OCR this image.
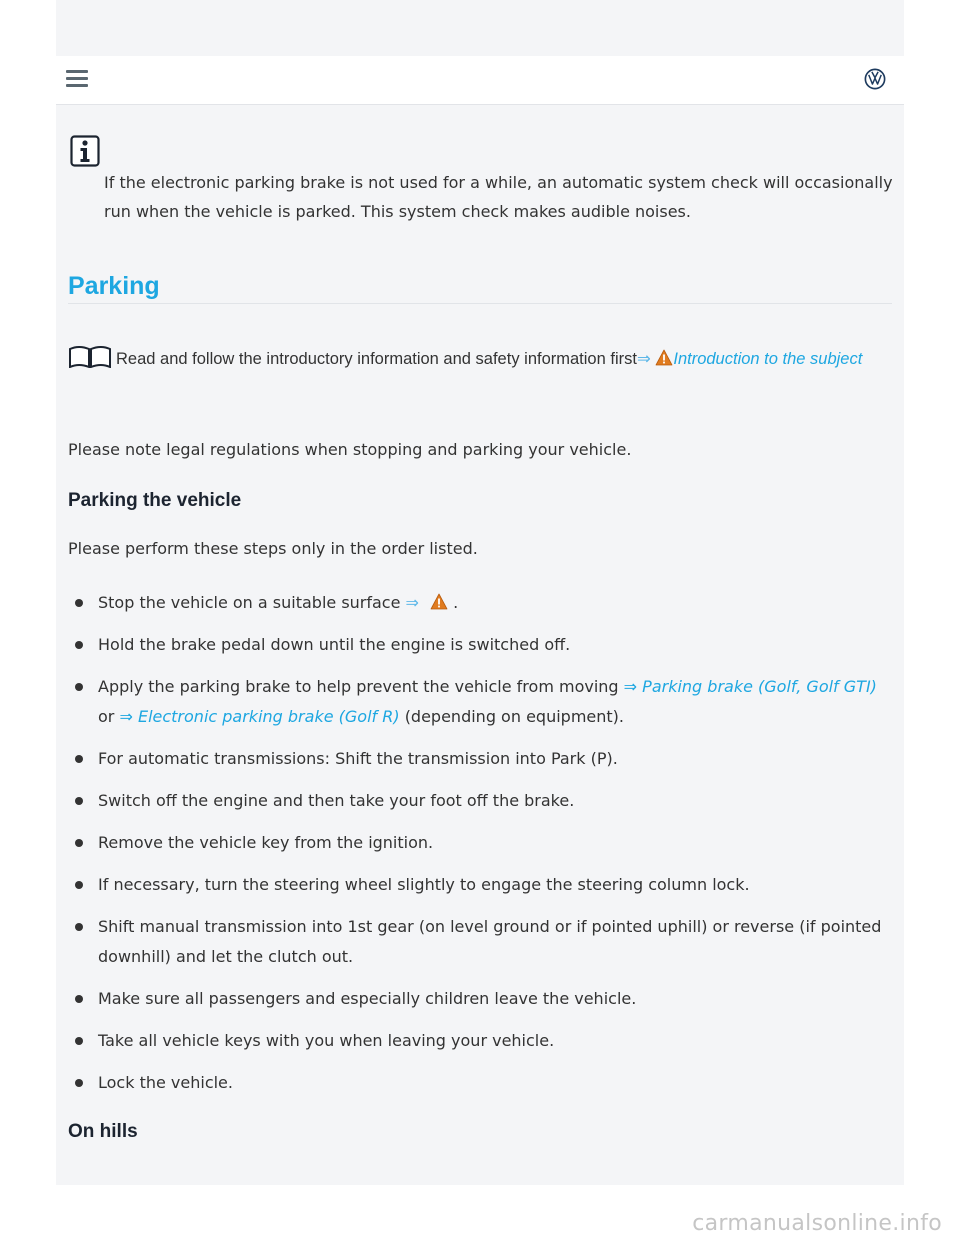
If the electronic parking brake is not used for a while, an automatic system check will occasionally run when the vehicle is parked. This system check makes audible noises.
Parking
Read and follow the introductory information and safety information first⇒ Introduction to the subject
Please note legal regulations when stopping and parking your vehicle.
Parking the vehicle
Please perform these steps only in the order listed.
Stop the vehicle on a suitable surface ⇒ .
Hold the brake pedal down until the engine is switched off.
Apply the parking brake to help prevent the vehicle from moving ⇒ Parking brake (Golf, Golf GTI)
or ⇒ Electronic parking brake (Golf R) (depending on equipment).
For automatic transmissions: Shift the transmission into Park (P).
Switch off the engine and then take your foot off the brake.
Remove the vehicle key from the ignition.
If necessary, turn the steering wheel slightly to engage the steering column lock.
Shift manual transmission into 1st gear (on level ground or if pointed uphill) or reverse (if pointed downhill) and let the clutch out.
Make sure all passengers and especially children leave the vehicle.
Take all vehicle keys with you when leaving your vehicle.
Lock the vehicle.
On hills
carmanualsonline.info
